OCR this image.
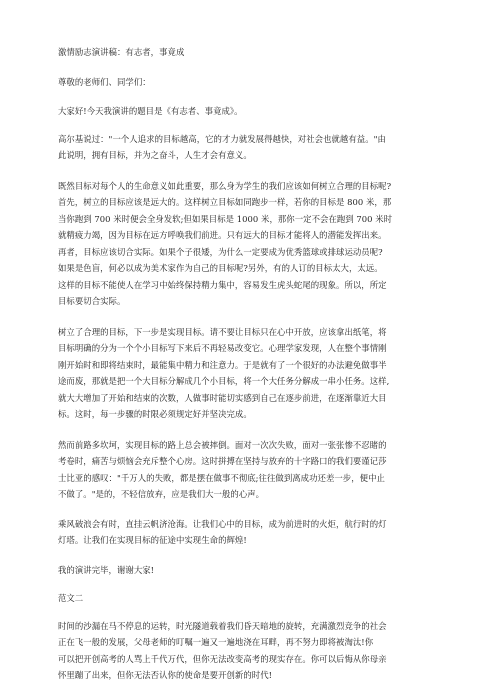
激情励志演讲稿：有志者，事竟成

尊敬的老师们、同学们：

大家好!今天我演讲的题目是《有志者、事竟成》。

高尔基说过："一个人追求的目标越高，它的才力就发展得越快，对社会也就越有益。"由
此说明，拥有目标，并为之奋斗，人生才会有意义。

既然目标对每个人的生命意义如此重要，那么身为学生的我们应该如何树立合理的目标呢?
首先，树立的目标应该是远大的。这样树立目标如同跑步一样，若你的目标是 800 米，那
当你跑到 700 米时便会全身发软;但如果目标是 1000 米，那你一定不会在跑到 700 米时
就精疲力竭，因为目标在远方呼唤我们前进。只有远大的目标才能将人的潜能发挥出来。
再者，目标应该切合实际。如果个子很矮，为什么一定要成为优秀篮球或排球运动员呢?
如果是色盲，何必以成为美术家作为自己的目标呢?另外，有的人订的目标太大，太远。
这样的目标不能使人在学习中始终保持精力集中，容易发生虎头蛇尾的现象。所以，所定
目标要切合实际。

树立了合理的目标，下一步是实现目标。请不要让目标只在心中开放，应该拿出纸笔，将
目标明确的分为一个个小目标写下来后不再轻易改变它。心理学家发现，人在整个事情刚
刚开始时和即将结束时，最能集中精力和注意力。于是就有了一个很好的办法避免做事半
途而废，那就是把一个大目标分解成几个小目标，将一个大任务分解成一串小任务。这样,
就大大增加了开始和结束的次数，人做事时能切实感到自己在逐步前进，在逐渐靠近大目
标。这时，每一步骤的时限必须规定好并坚决完成。

然而前路多坎坷，实现目标的路上总会被摔倒。面对一次次失败，面对一张张惨不忍睹的
考卷时，痛苦与烦恼会充斥整个心房。这时拼搏在坚持与放弃的十字路口的我们要谨记莎
士比亚的感叹："千万人的失败，都是摆在做事不彻底;往往做到离成功还差一步，便中止
不做了。"是的，不轻信放弃，应是我们大一般的心声。

乘风破浪会有时，直挂云帆济沧海。让我们心中的目标，成为前进时的火炬，航行时的灯
灯塔。让我们在实现目标的征途中实现生命的辉煌!

我的演讲完毕，谢谢大家!

范文二

时间的沙漏在马不停息的运转，时光隧道载着我们昏天暗地的旋转，充满激烈竞争的社会
正在飞一般的发展，父母老师的叮嘱一遍又一遍地浇在耳畔，再不努力即将被淘汰!你
可以把开创高考的人骂上千代万代，但你无法改变高考的现实存在。你可以后悔从你母亲
怀里蹦了出来，但你无法否认你的使命是要开创新的时代!
